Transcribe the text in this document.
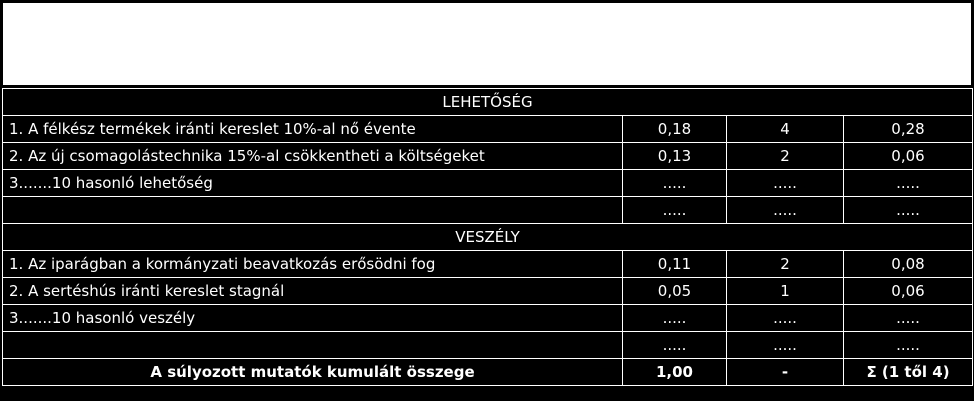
LEHETŐSÉG			
1. A félkész termékek iránti kereslet 10%-al nő évente	0,18	4	0,28
2. Az új csomagolástechnika 15%-al csökkentheti a költségeket	0,13	2	0,06
3.......10 hasonló lehetőség	.....	.....	.....
	.....	.....	.....
VESZÉLY			
1. Az iparágban a kormányzati beavatkozás erősödni fog	0,11	2	0,08
2. A sertéshús iránti kereslet stagnál	0,05	1	0,06
3.......10 hasonló veszély	.....	.....	.....
	.....	.....	.....
A súlyozott mutatók kumulált összege	1,00	-	Σ (1 től 4)
